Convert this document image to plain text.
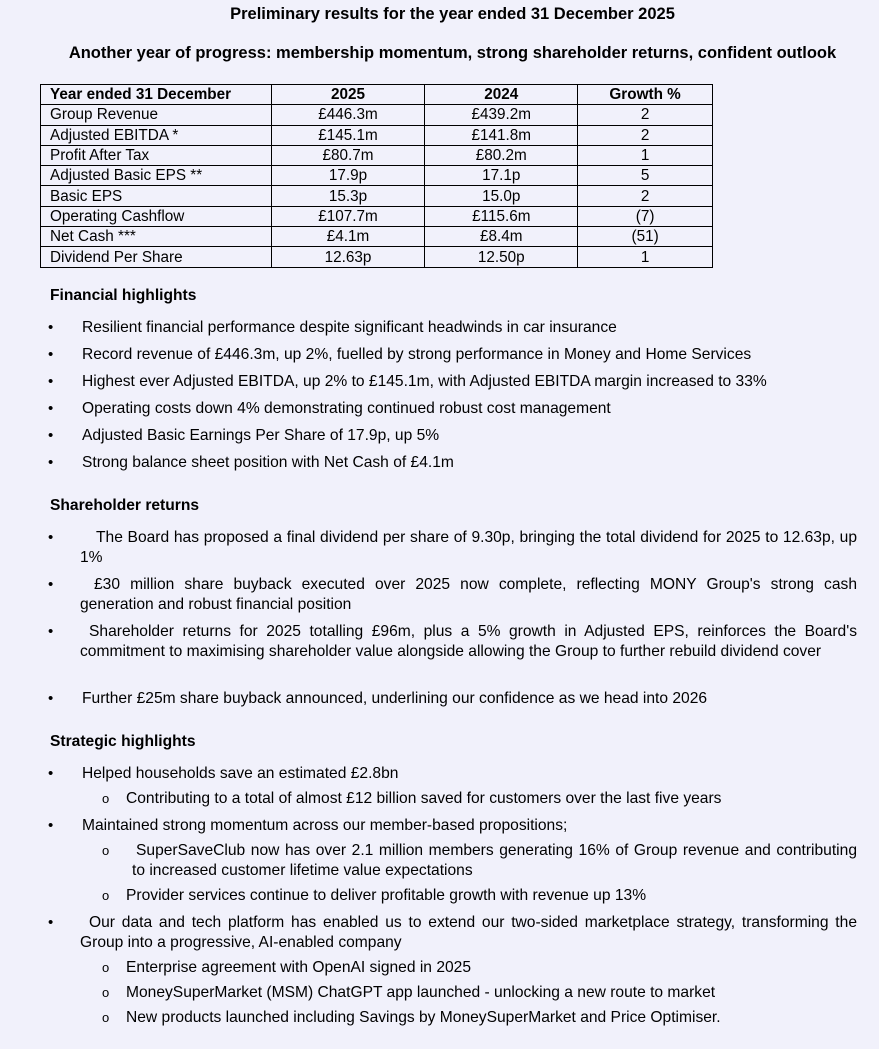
Preliminary results for the year ended 31 December 2025
Another year of progress: membership momentum, strong shareholder returns, confident outlook
Year ended 31 December	2025	2024	Growth %
Group Revenue	£446.3m	£439.2m	2
Adjusted EBITDA *	£145.1m	£141.8m	2
Profit After Tax	£80.7m	£80.2m	1
Adjusted Basic EPS **	17.9p	17.1p	5
Basic EPS	15.3p	15.0p	2
Operating Cashflow	£107.7m	£115.6m	(7)
Net Cash ***	£4.1m	£8.4m	(51)
Dividend Per Share	12.63p	12.50p	1
Financial highlights
•	Resilient financial performance despite significant headwinds in car insurance
•	Record revenue of £446.3m, up 2%, fuelled by strong performance in Money and Home Services
•	Highest ever Adjusted EBITDA, up 2% to £145.1m, with Adjusted EBITDA margin increased to 33%
•	Operating costs down 4% demonstrating continued robust cost management
•	Adjusted Basic Earnings Per Share of 17.9p, up 5%
•	Strong balance sheet position with Net Cash of £4.1m
Shareholder returns
•	The Board has proposed a final dividend per share of 9.30p, bringing the total dividend for 2025 to 12.63p, up 1%
•	£30 million share buyback executed over 2025 now complete, reflecting MONY Group's strong cash generation and robust financial position
•	Shareholder returns for 2025 totalling £96m, plus a 5% growth in Adjusted EPS, reinforces the Board's commitment to maximising shareholder value alongside allowing the Group to further rebuild dividend cover
•	Further £25m share buyback announced, underlining our confidence as we head into 2026
Strategic highlights
•	Helped households save an estimated £2.8bn
o Contributing to a total of almost £12 billion saved for customers over the last five years
•	Maintained strong momentum across our member-based propositions;
o SuperSaveClub now has over 2.1 million members generating 16% of Group revenue and contributing to increased customer lifetime value expectations
o Provider services continue to deliver profitable growth with revenue up 13%
•	Our data and tech platform has enabled us to extend our two-sided marketplace strategy, transforming the Group into a progressive, AI-enabled company
o Enterprise agreement with OpenAI signed in 2025
o MoneySuperMarket (MSM) ChatGPT app launched - unlocking a new route to market
o New products launched including Savings by MoneySuperMarket and Price Optimiser.
